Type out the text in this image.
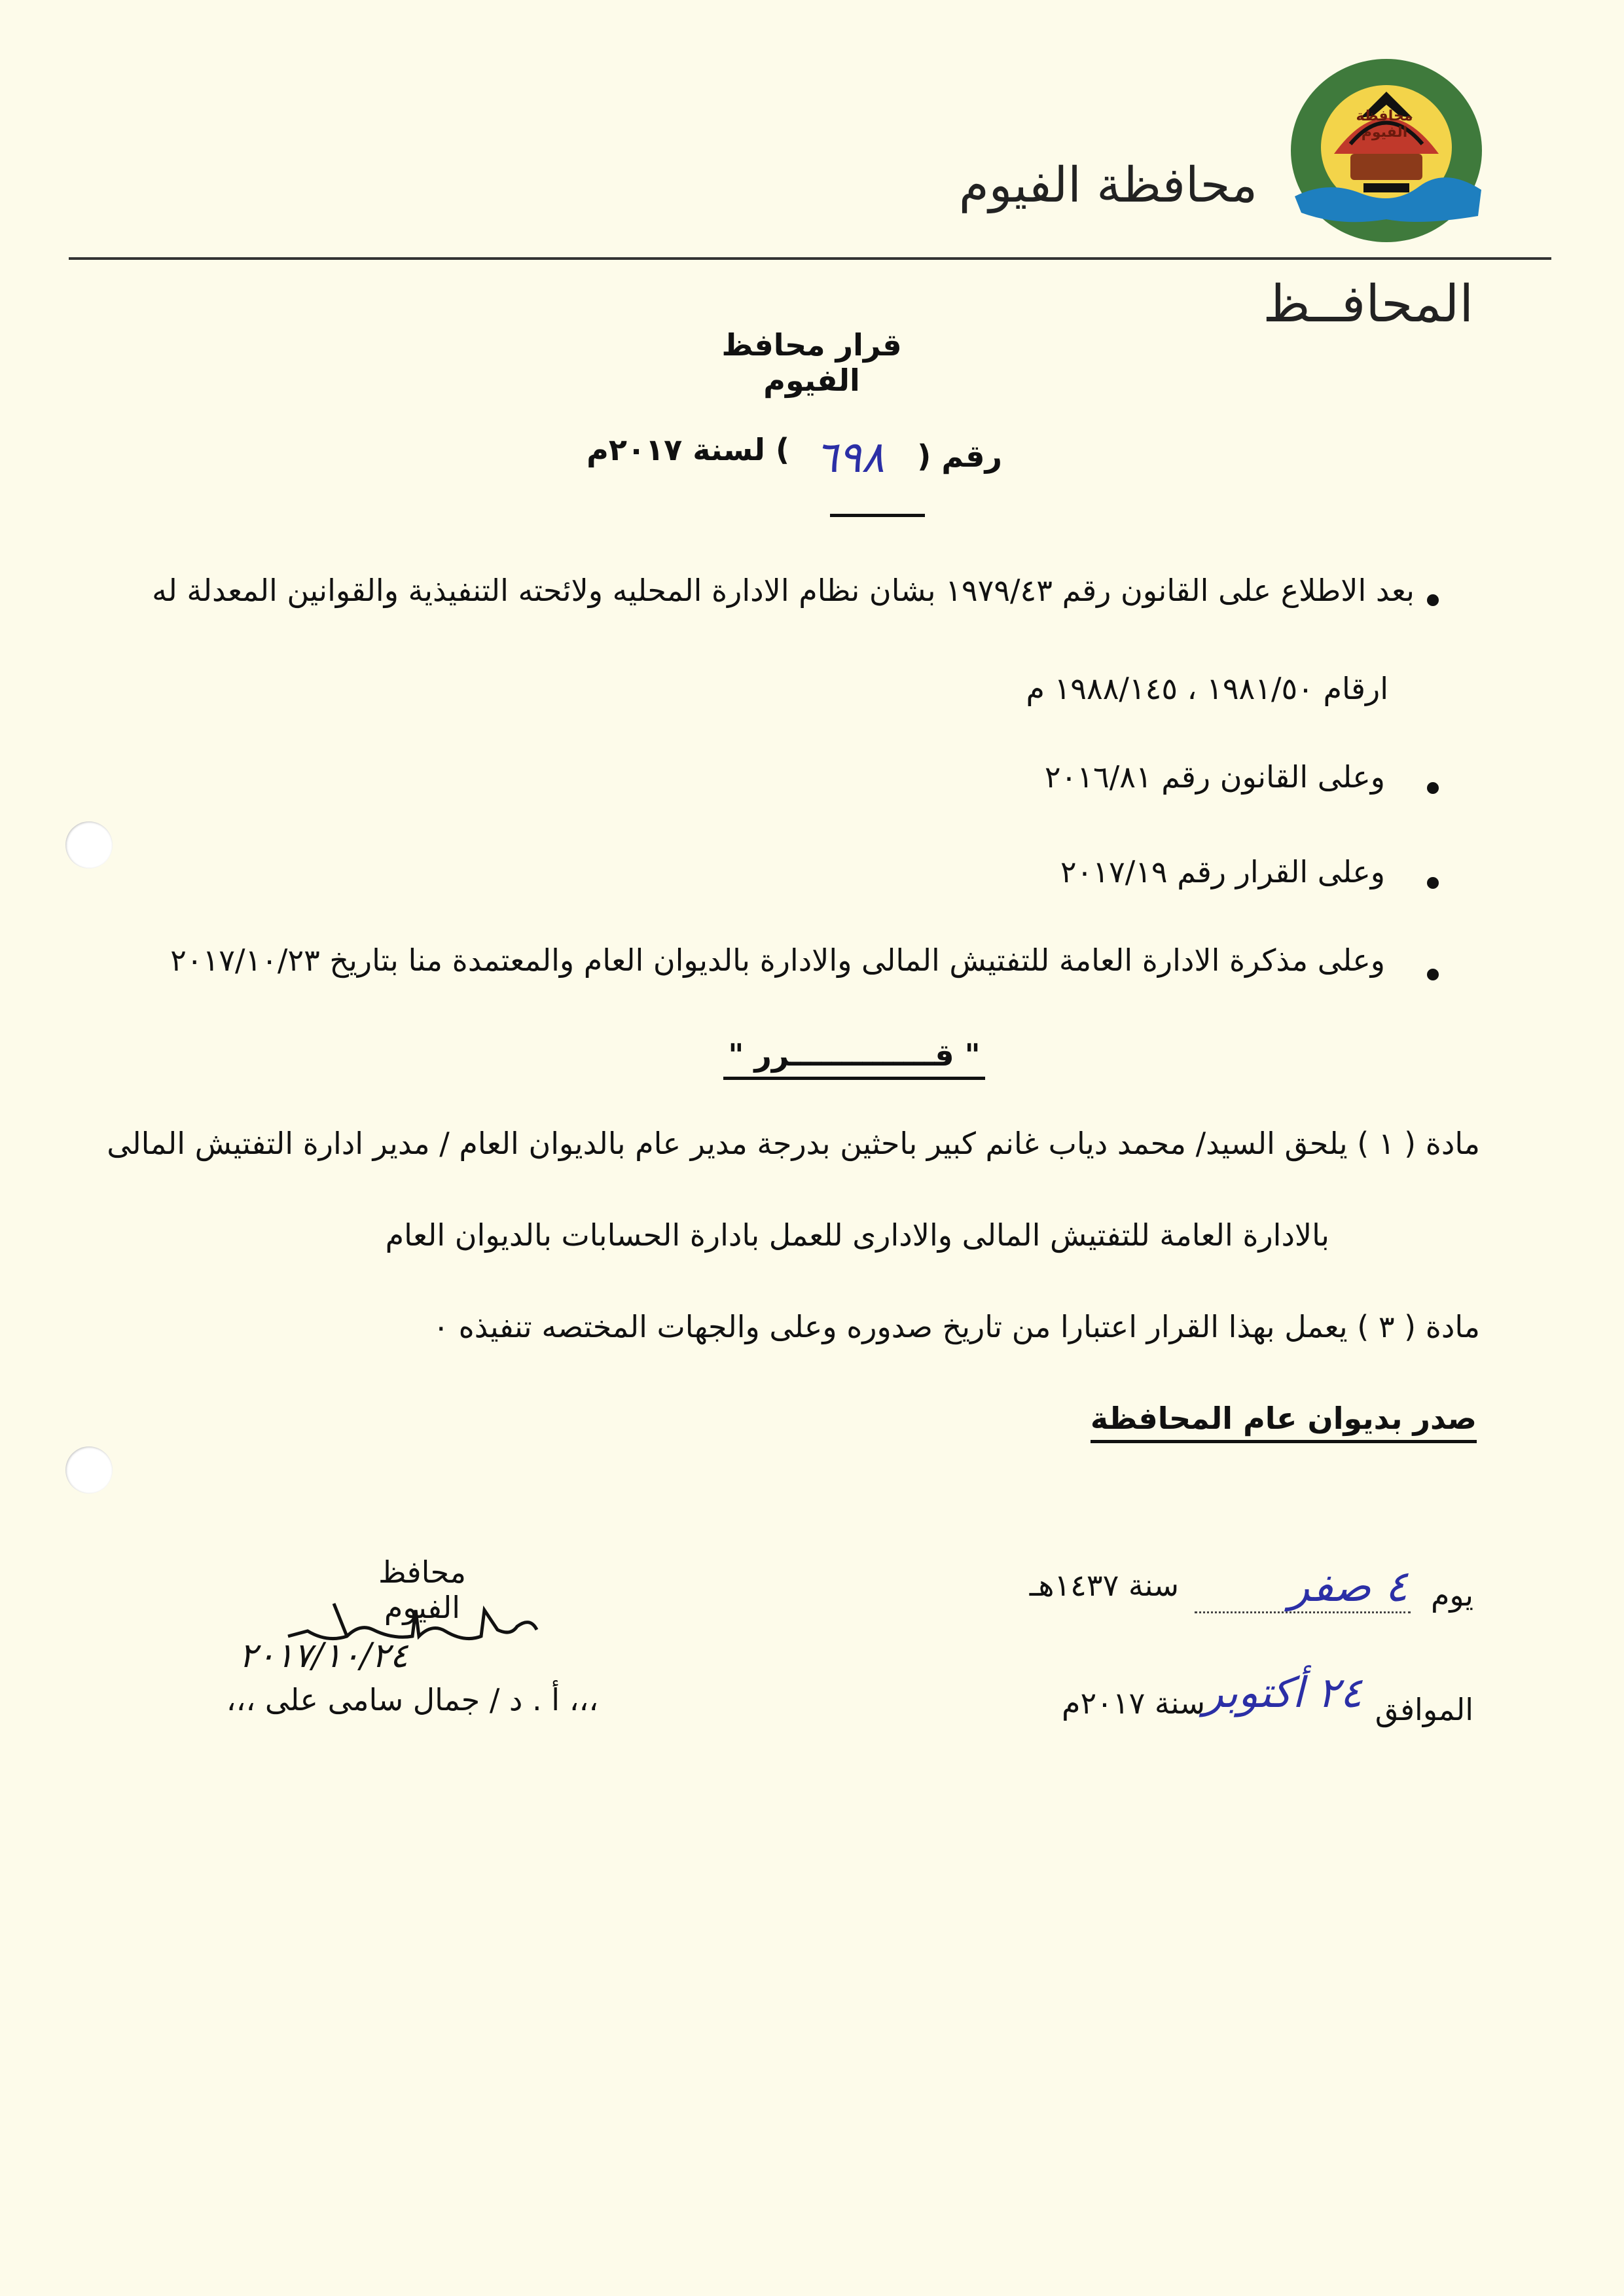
محافظة الفيوم
محافظة الفيوم
المحافــظ
قرار محافظ الفيوم
) لسنة ٢٠١٧م ٦٩٨ رقم (
بعد الاطلاع على القانون رقم ١٩٧٩/٤٣ بشان نظام الادارة المحليه ولائحته التنفيذية والقوانين المعدلة له
ارقام ١٩٨١/٥٠ ، ١٩٨٨/١٤٥ م
وعلى القانون رقم ٢٠١٦/٨١
وعلى القرار رقم ٢٠١٧/١٩
وعلى مذكرة الادارة العامة للتفتيش المالى والادارة بالديوان العام والمعتمدة منا بتاريخ ٢٠١٧/١٠/٢٣
" قــــــــــــــرر "
مادة ( ١ ) يلحق السيد/ محمد دياب غانم كبير باحثين بدرجة مدير عام بالديوان العام / مدير ادارة التفتيش المالى
بالادارة العامة للتفتيش المالى والادارى للعمل بادارة الحسابات بالديوان العام
مادة ( ٣ ) يعمل بهذا القرار اعتبارا من تاريخ صدوره وعلى والجهات المختصه تنفيذه ٠
صدر بديوان عام المحافظة
يوم
٤ صفر
سنة ١٤٣٧هـ
الموافق
٢٤ أكتوبر
سنة ٢٠١٧م
محافظ الفيوم
٢٠١٧/١٠/٢٤
،،، أ . د / جمال سامى على ،،،
